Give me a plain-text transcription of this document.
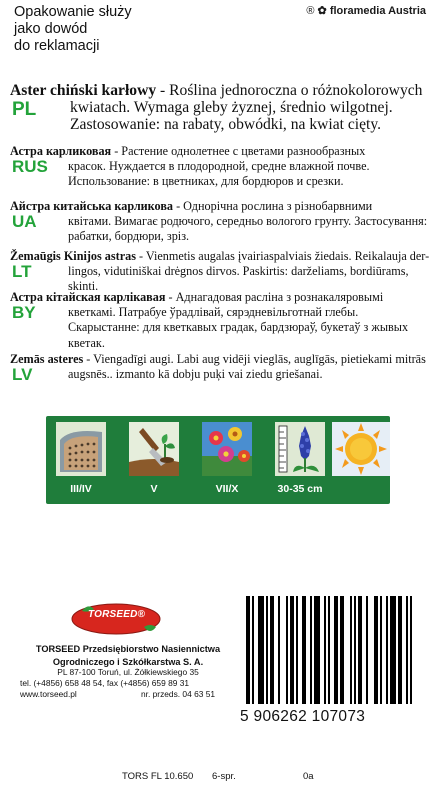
Opakowanie służy
jako dowód
do reklamacji
® ✿ floramedia Austria
PL
Aster chiński karłowy - Roślina jednoroczna o różnokolorowych
kwiatach. Wymaga gleby żyznej, średnio wilgotnej. Zastosowanie: na rabaty, obwódki, na kwiat cięty.
RUS
Астра карликовая - Растение однолетнее с цветами разнообразных
красок. Нуждается в плодородной, средне влажной почве. Использование: в цветниках, для бордюров и срезки.
UA
Айстра китайська карликова - Однорічна рослина з різнобарвними
квітами. Вимагає родючого, середньо вологого грунту. Застосування: рабатки, бордюри, зріз.
LT
Žemaūgis Kinijos astras - Vienmetis augalas įvairiaspalviais žiedais. Reikalauja der-
lingos, vidutiniškai drėgnos dirvos. Paskirtis: darželiams, bordiūrams, skinti.
BY
Астра кітайская карлікавая - Аднагадовая расліна з рознакаляровымі
кветкамі. Патрабуе ўрадлівай, сярэдневільготнай глебы. Скарыстанне: для кветкавых градак, бардзюраў, букетаў з жывых кветак.
LV
Zemās asteres - Viengadīgi augi. Labi aug vidēji vieglās, auglīgās, pietiekami mitrās
augsnēs.. izmanto kā dobju puķi vai ziedu griešanai.
III/IV	V	VII/X	30-35 cm
TORSEED®
TORSEED Przedsiębiorstwo Nasiennictwa
Ogrodniczego i Szkółkarstwa S. A.
PL 87-100 Toruń, ul. Żółkiewskiego 35
tel. (+4856) 658 48 54, fax (+4856) 659 89 31
www.torseed.pl	nr. przeds. 04 63 51
5 906262 107073
TORS FL 10.650 6-spr.	0a
